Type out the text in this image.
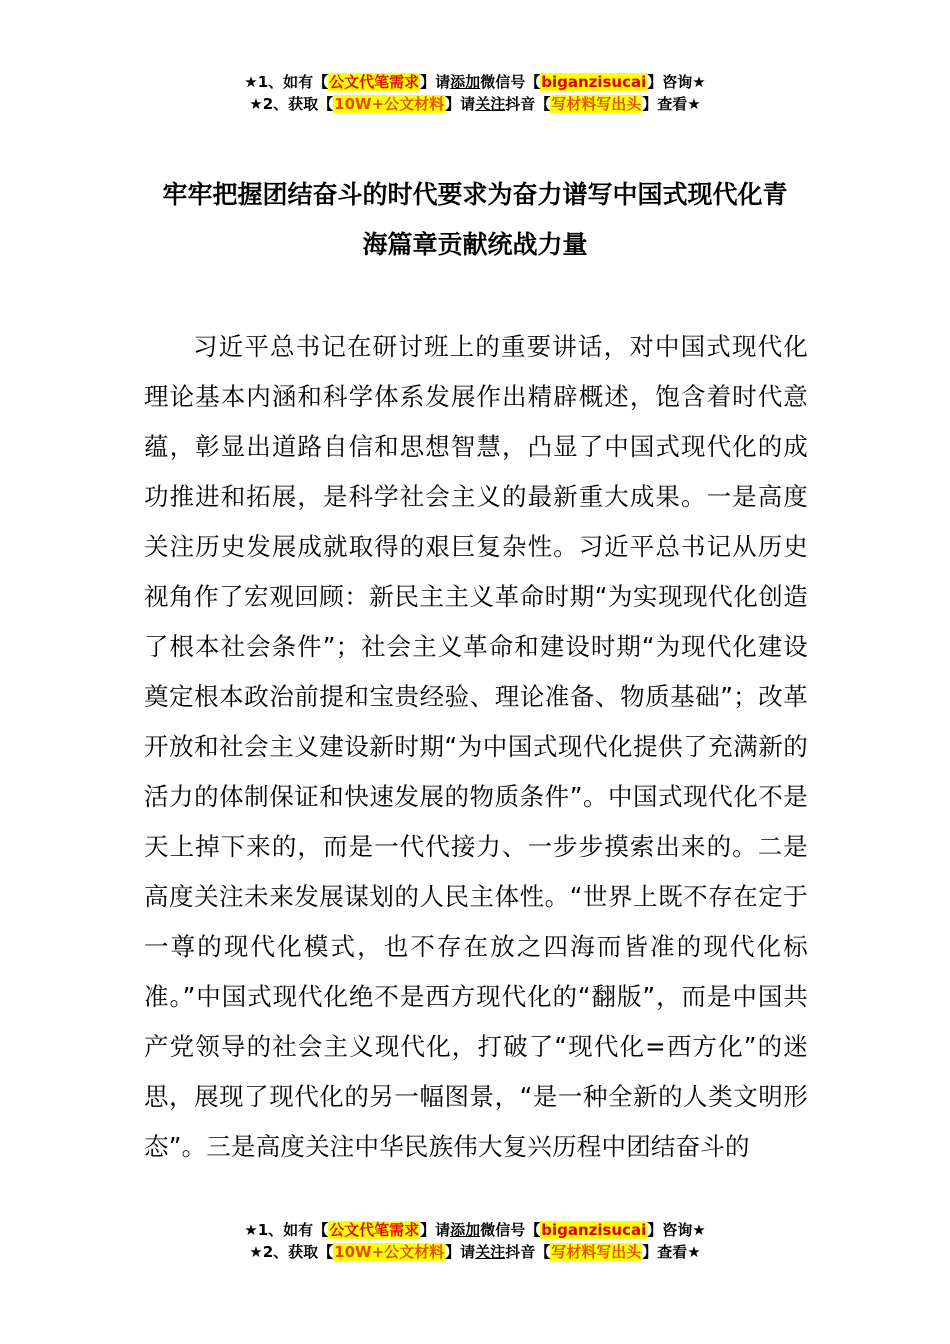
★1、如有【公文代笔需求】请添加微信号【biganzisucai】咨询★
★2、获取【10W+公文材料】请关注抖音【写材料写出头】查看★
牢牢把握团结奋斗的时代要求为奋力谱写中国式现代化青
海篇章贡献统战力量
习近平总书记在研讨班上的重要讲话，对中国式现代化理论基本内涵和科学体系发展作出精辟概述，饱含着时代意蕴，彰显出道路自信和思想智慧，凸显了中国式现代化的成功推进和拓展，是科学社会主义的最新重大成果。一是高度关注历史发展成就取得的艰巨复杂性。习近平总书记从历史视角作了宏观回顾：新民主主义革命时期“为实现现代化创造了根本社会条件”；社会主义革命和建设时期“为现代化建设奠定根本政治前提和宝贵经验、理论准备、物质基础”；改革开放和社会主义建设新时期“为中国式现代化提供了充满新的活力的体制保证和快速发展的物质条件”。中国式现代化不是天上掉下来的，而是一代代接力、一步步摸索出来的。二是高度关注未来发展谋划的人民主体性。“世界上既不存在定于一尊的现代化模式，也不存在放之四海而皆准的现代化标准。”中国式现代化绝不是西方现代化的“翻版”，而是中国共产党领导的社会主义现代化，打破了“现代化=西方化”的迷思，展现了现代化的另一幅图景，“是一种全新的人类文明形态”。三是高度关注中华民族伟大复兴历程中团结奋斗的
★1、如有【公文代笔需求】请添加微信号【biganzisucai】咨询★
★2、获取【10W+公文材料】请关注抖音【写材料写出头】查看★
